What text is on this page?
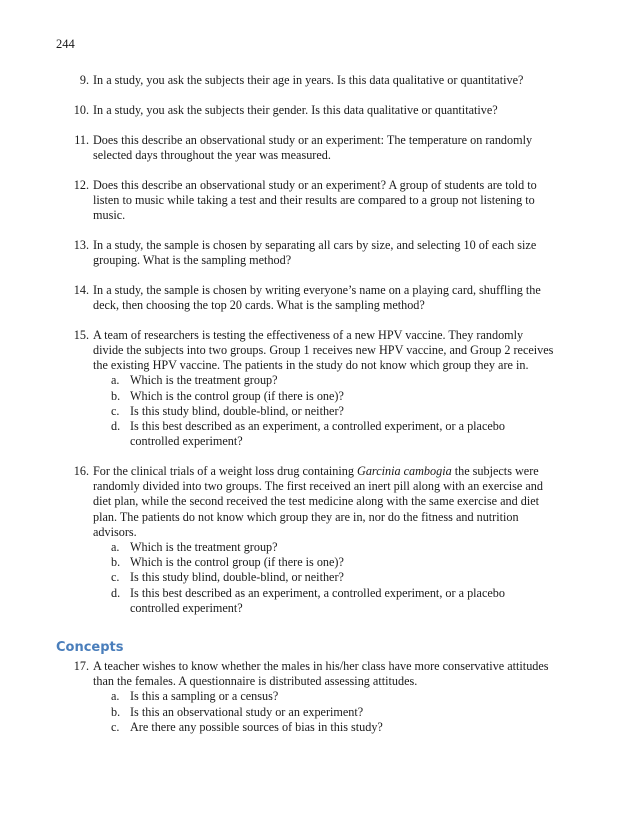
244
9 . In a study, you ask the subjects their age in years. Is this data qualitative or quantitative?

10 . In a study, you ask the subjects their gender. Is this data qualitative or quantitative?

11 . Does this describe an observational study or an experiment: The temperature on randomly selected days throughout the year was measured.

12 . Does this describe an observational study or an experiment? A group of students are told to listen to music while taking a test and their results are compared to a group not listening to music.

13 . In a study, the sample is chosen by separating all cars by size, and selecting 10 of each size grouping. What is the sampling method?

14 . In a study, the sample is chosen by writing everyone’s name on a playing card, shuffling the deck, then choosing the top 20 cards. What is the sampling method?

15 . A team of researchers is testing the effectiveness of a new HPV vaccine. They randomly divide the subjects into two groups. Group 1 receives new HPV vaccine, and Group 2 receives the existing HPV vaccine. The patients in the study do not know which group they are in.

a . Which is the treatment group?
b . Which is the control group (if there is one)?
c . Is this study blind, double-blind, or neither?
d . Is this best described as an experiment, a controlled experiment, or a placebo controlled experiment?
16 . For the clinical trials of a weight loss drug containing Garcinia cambogia the subjects were randomly divided into two groups. The first received an inert pill along with an exercise and diet plan, while the second received the test medicine along with the same exercise and diet plan. The patients do not know which group they are in, nor do the fitness and nutrition advisors.

a . Which is the treatment group?
b . Which is the control group (if there is one)?
c . Is this study blind, double-blind, or neither?
d . Is this best described as an experiment, a controlled experiment, or a placebo controlled experiment?
Concepts
17 . A teacher wishes to know whether the males in his/her class have more conservative attitudes than the females. A questionnaire is distributed assessing attitudes.

a . Is this a sampling or a census?
b . Is this an observational study or an experiment?
c . Are there any possible sources of bias in this study?
